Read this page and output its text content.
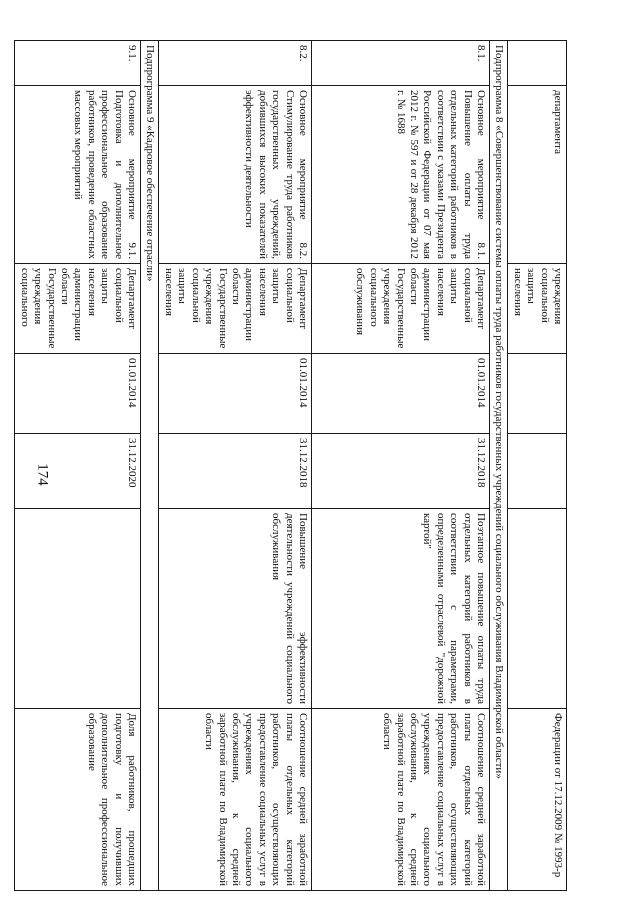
174
	департамента	учреждения социальной защиты населения				Федерации от 17.12.2009 № 1993-р
Подпрограмма 8 «Совершенствование системы оплаты труда работников государственных учреждений социального обслуживания Владимирской области»						
8.1.	Основное мероприятие 8.1. Повышение оплаты труда отдельных категорий работников в соответствии с указами Президента Российской Федерации от 07 мая 2012 г. № 597 и от 28 декабря 2012 г. № 1688	Департамент социальной защиты населения администрации области Государственные учреждения социального обслуживания	01.01.2014	31.12.2018	Поэтапное повышение оплаты труда отдельных категорий работников в соответствии с параметрами, определенными отраслевой "дорожной картой"	Соотношение средней заработной платы отдельных категорий работников, осуществляющих предоставление социальных услуг в учреждениях социального обслуживания, к средней заработной плате по Владимирской области
8.2.	Основное мероприятие 8.2. Стимулирование труда работников государственных учреждений, добившихся высоких показателей эффективности деятельности	Департамент социальной защиты населения администрации области Государственные учреждения социальной защиты населения	01.01.2014	31.12.2018	Повышение эффективности деятельности учреждений социального обслуживания	Соотношение средней заработной платы отдельных категорий работников, осуществляющих предоставление социальных услуг в учреждениях социального обслуживания, к средней заработной плате по Владимирской области
Подпрограмма 9 «Кадровое обеспечение отрасли»						
9.1.	Основное мероприятие 9.1. Подготовка и дополнительное профессиональное образование работников, проведение областных массовых мероприятий	Департамент социальной защиты населения администрации области Государственные учреждения социального	01.01.2014	31.12.2020		Доля работников, прошедших подготовку и получивших дополнительное профессиональное образование
